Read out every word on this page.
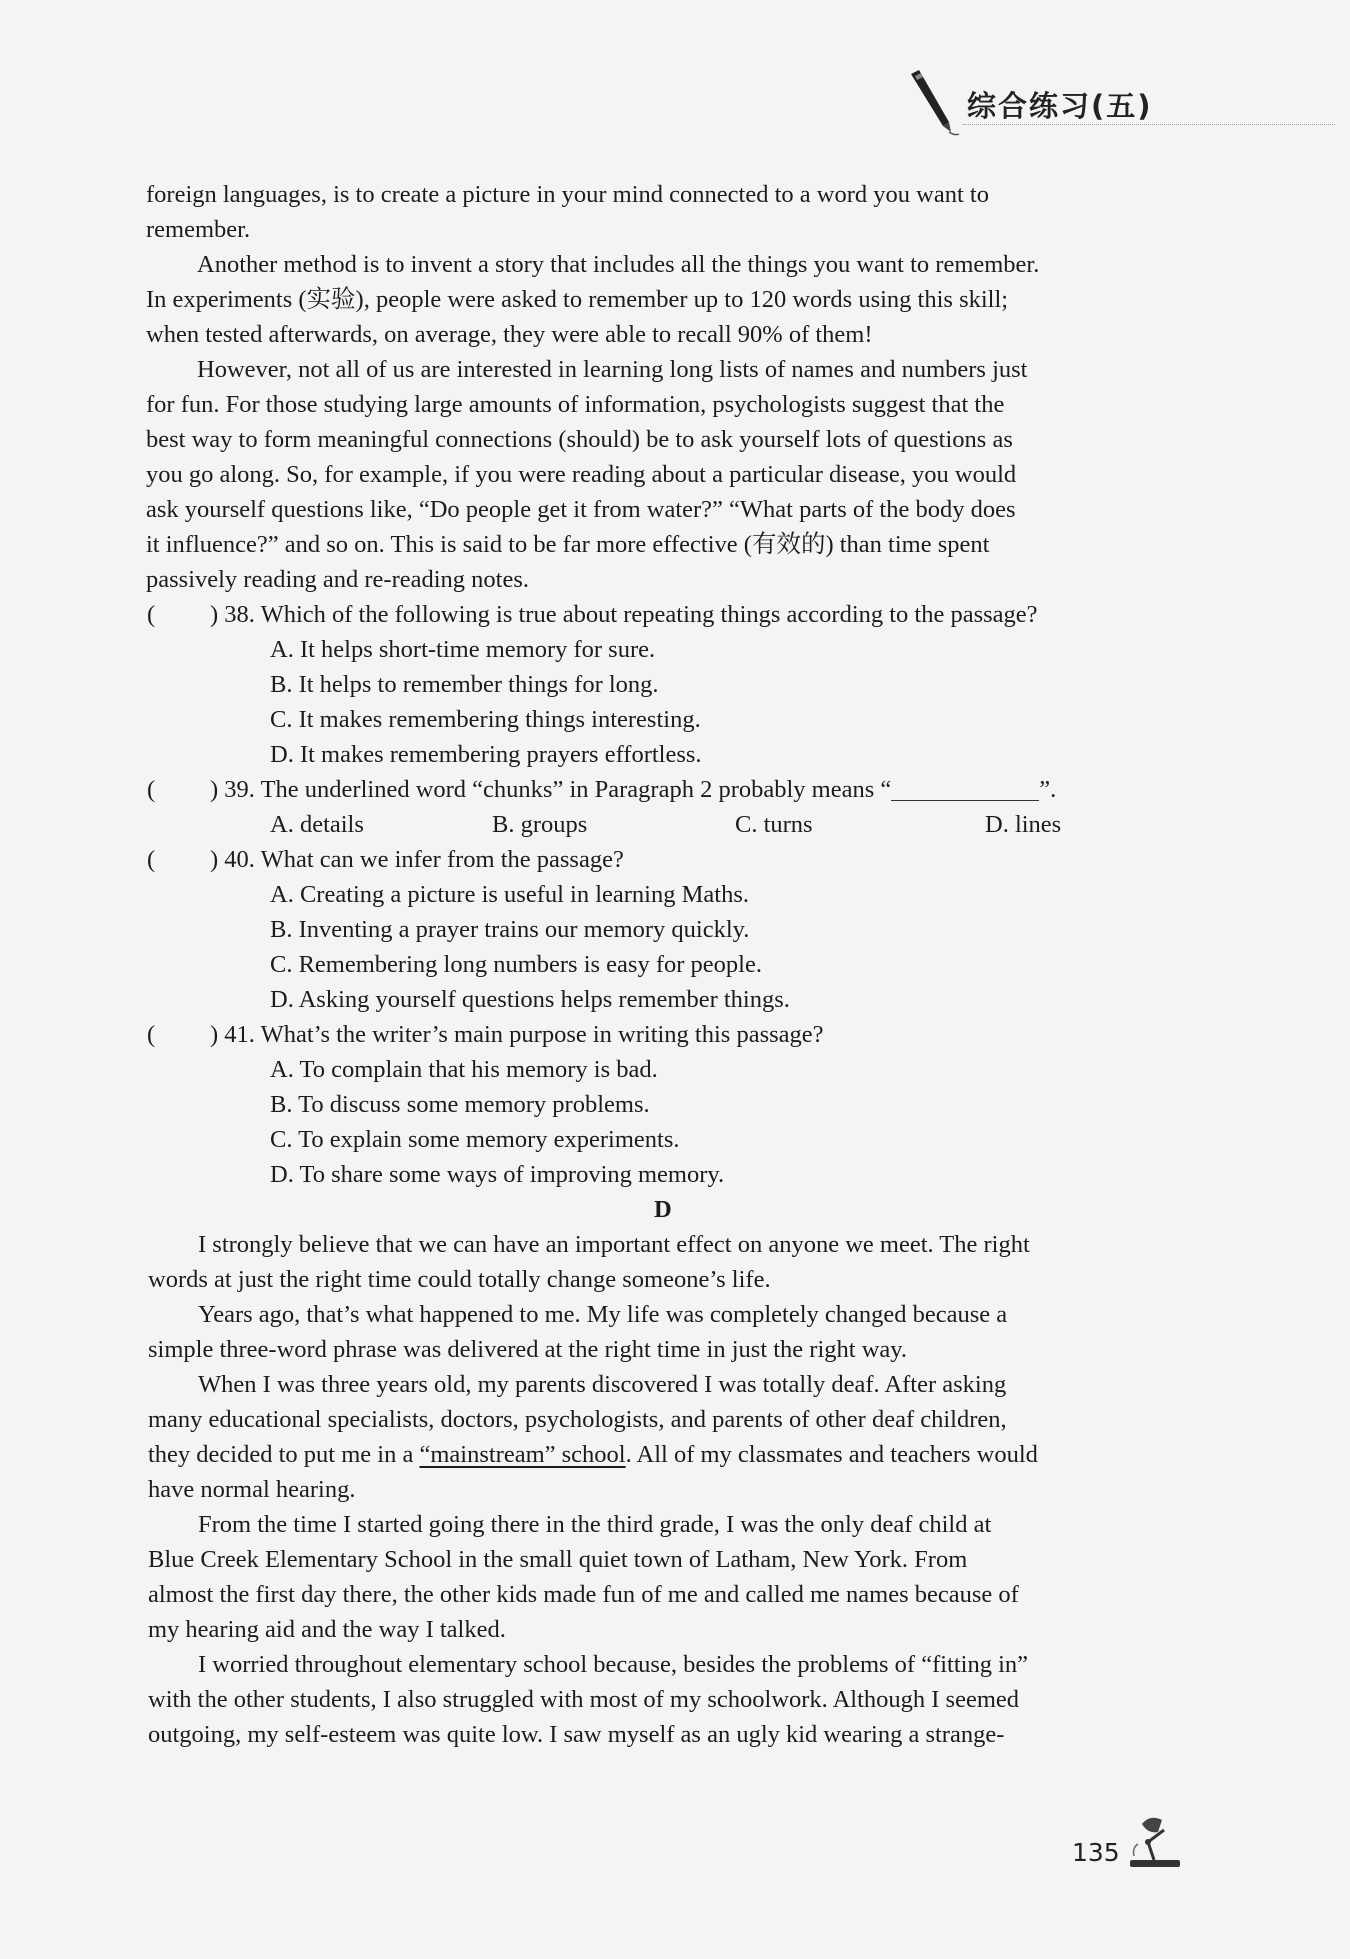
综合练习(五)
foreign languages, is to create a picture in your mind connected to a word you want to
remember.
Another method is to invent a story that includes all the things you want to remember.
In experiments (实验), people were asked to remember up to 120 words using this skill;
when tested afterwards, on average, they were able to recall 90% of them!
However, not all of us are interested in learning long lists of names and numbers just
for fun. For those studying large amounts of information, psychologists suggest that the
best way to form meaningful connections (should) be to ask yourself lots of questions as
you go along. So, for example, if you were reading about a particular disease, you would
ask yourself questions like, “Do people get it from water?” “What parts of the body does
it influence?” and so on. This is said to be far more effective (有效的) than time spent
passively reading and re-reading notes.
( ) 38. Which of the following is true about repeating things according to the passage?
A. It helps short-time memory for sure.
B. It helps to remember things for long.
C. It makes remembering things interesting.
D. It makes remembering prayers effortless.
( ) 39. The underlined word “chunks” in Paragraph 2 probably means “	”.
A. details	B. groups	C. turns	D. lines
( ) 40. What can we infer from the passage?
A. Creating a picture is useful in learning Maths.
B. Inventing a prayer trains our memory quickly.
C. Remembering long numbers is easy for people.
D. Asking yourself questions helps remember things.
( ) 41. What’s the writer’s main purpose in writing this passage?
A. To complain that his memory is bad.
B. To discuss some memory problems.
C. To explain some memory experiments.
D. To share some ways of improving memory.
D
I strongly believe that we can have an important effect on anyone we meet. The right
words at just the right time could totally change someone’s life.
Years ago, that’s what happened to me. My life was completely changed because a
simple three-word phrase was delivered at the right time in just the right way.
When I was three years old, my parents discovered I was totally deaf. After asking
many educational specialists, doctors, psychologists, and parents of other deaf children,
they decided to put me in a “mainstream” school. All of my classmates and teachers would
have normal hearing.
From the time I started going there in the third grade, I was the only deaf child at
Blue Creek Elementary School in the small quiet town of Latham, New York. From
almost the first day there, the other kids made fun of me and called me names because of
my hearing aid and the way I talked.
I worried throughout elementary school because, besides the problems of “fitting in”
with the other students, I also struggled with most of my schoolwork. Although I seemed
outgoing, my self-esteem was quite low. I saw myself as an ugly kid wearing a strange-
135
